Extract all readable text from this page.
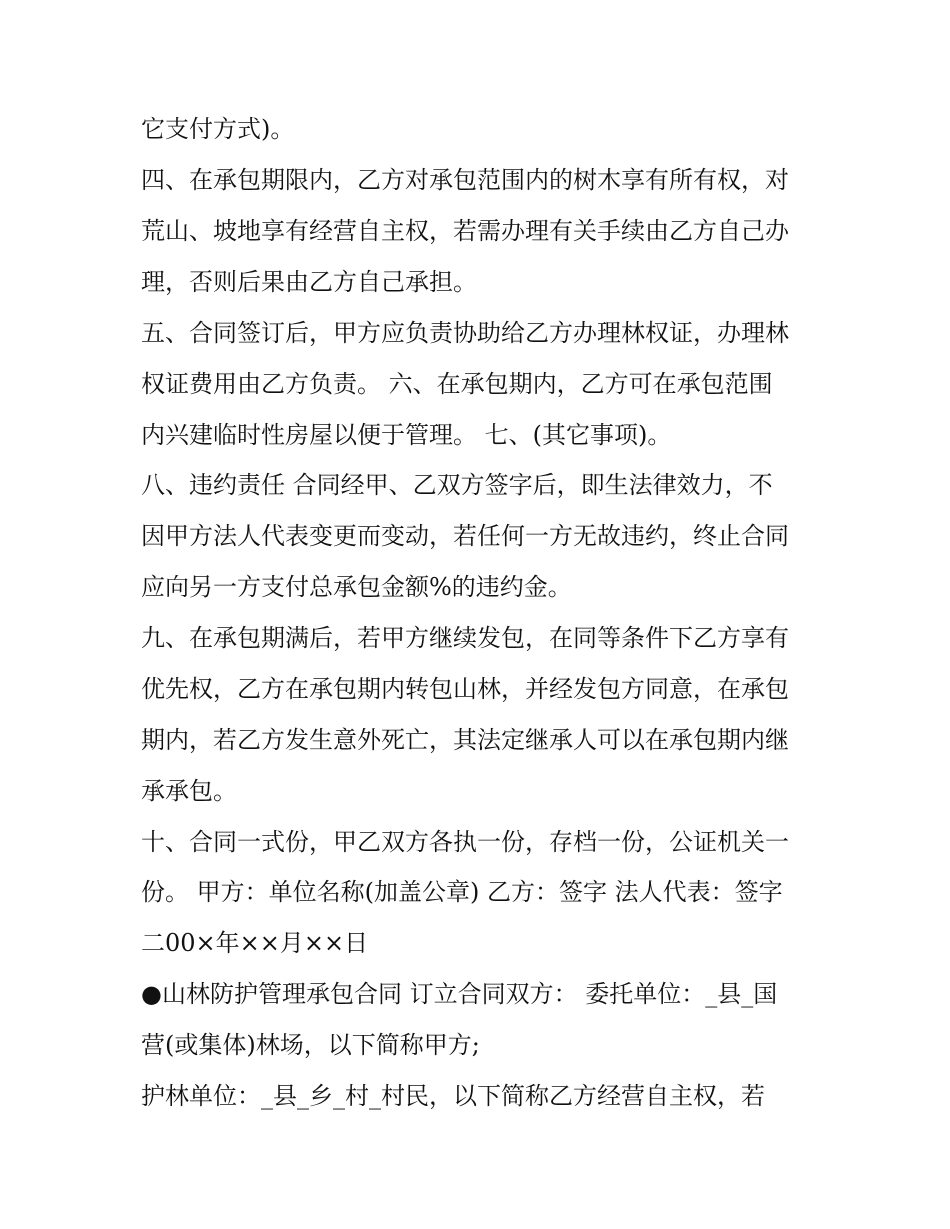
它支付方式)。
四、在承包期限内，乙方对承包范围内的树木享有所有权，对
荒山、坡地享有经营自主权，若需办理有关手续由乙方自己办
理，否则后果由乙方自己承担。
五、合同签订后，甲方应负责协助给乙方办理林权证，办理林
权证费用由乙方负责。 六、在承包期内，乙方可在承包范围
内兴建临时性房屋以便于管理。 七、(其它事项)。
八、违约责任 合同经甲、乙双方签字后，即生法律效力，不
因甲方法人代表变更而变动，若任何一方无故违约，终止合同
应向另一方支付总承包金额%的违约金。
九、在承包期满后，若甲方继续发包，在同等条件下乙方享有
优先权，乙方在承包期内转包山林，并经发包方同意，在承包
期内，若乙方发生意外死亡，其法定继承人可以在承包期内继
承承包。
十、合同一式份，甲乙双方各执一份，存档一份，公证机关一
份。 甲方：单位名称(加盖公章) 乙方：签字 法人代表：签字
二00×年××月××日
●山林防护管理承包合同 订立合同双方： 委托单位：_县_国
营(或集体)林场，以下简称甲方;
护林单位：_县_乡_村_村民，以下简称乙方经营自主权，若
